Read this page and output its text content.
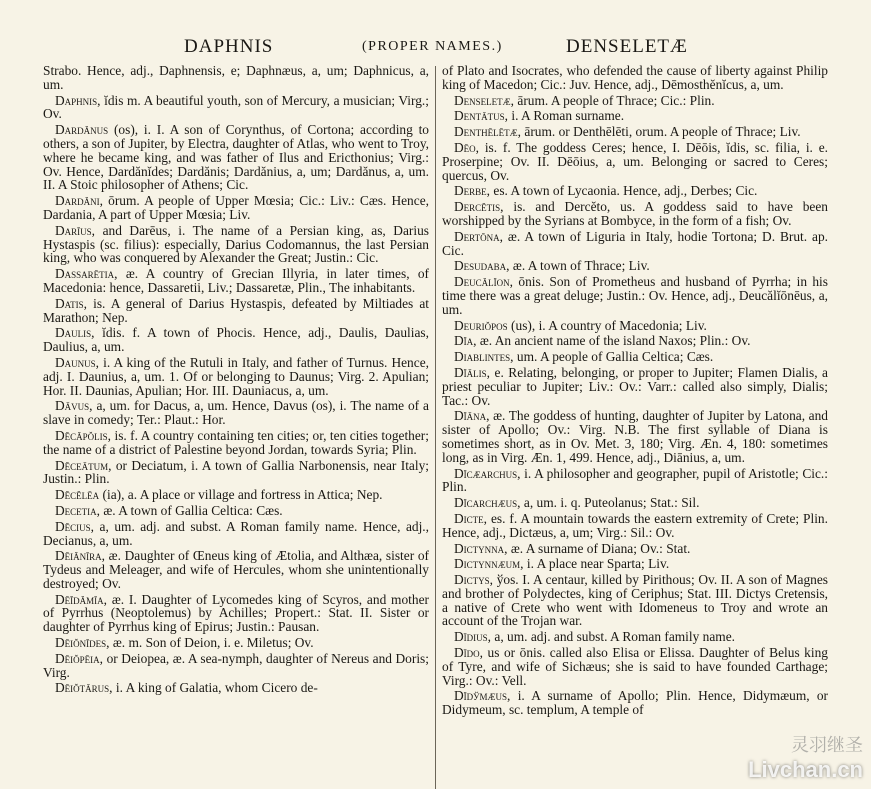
DAPHNIS	(PROPER NAMES.)	DENSELETÆ

Strabo. Hence, adj., Daphnensis, e; Daphnæus, a, um; Daphnicus, a, um.

Daphnis, ĭdis m. A beautiful youth, son of Mercury, a musician; Virg.; Ov.

Dardănus (os), i. I. A son of Corynthus, of Cortona; according to others, a son of Jupiter, by Electra, daughter of Atlas, who went to Troy, where he became king, and was father of Ilus and Ericthonius; Virg.: Ov. Hence, Dardănĭdes; Dardănis; Dardănius, a, um; Dardănus, a, um. II. A Stoic philosopher of Athens; Cic.

Dardăni, ōrum. A people of Upper Mœsia; Cic.: Liv.: Cæs. Hence, Dardania, A part of Upper Mœsia; Liv.

Darīus, and Darēus, i. The name of a Persian king, as, Darius Hystaspis (sc. filius): especially, Darius Codomannus, the last Persian king, who was conquered by Alexander the Great; Justin.: Cic.

Dassarētia, æ. A country of Grecian Illyria, in later times, of Macedonia: hence, Dassaretii, Liv.; Dassaretæ, Plin., The inhabitants.

Datis, is. A general of Darius Hystaspis, defeated by Miltiades at Marathon; Nep.

Daulis, ĭdis. f. A town of Phocis. Hence, adj., Daulis, Daulias, Daulius, a, um.

Daunus, i. A king of the Rutuli in Italy, and father of Turnus. Hence, adj. I. Daunius, a, um. 1. Of or belonging to Daunus; Virg. 2. Apulian; Hor. II. Daunias, Apulian; Hor. III. Dauniacus, a, um.

Dāvus, a, um. for Dacus, a, um. Hence, Davus (os), i. The name of a slave in comedy; Ter.: Plaut.: Hor.

Dĕcăpŏlis, is. f. A country containing ten cities; or, ten cities together; the name of a district of Palestine beyond Jordan, towards Syria; Plin.

Dĕceātum, or Deciatum, i. A town of Gallia Narbonensis, near Italy; Justin.: Plin.

Dĕcĕlēa (ia), a. A place or village and fortress in Attica; Nep.

Decetia, æ. A town of Gallia Celtica: Cæs.

Dĕcius, a, um. adj. and subst. A Roman family name. Hence, adj., Decianus, a, um.

Dēiănīra, æ. Daughter of Œneus king of Ætolia, and Althæa, sister of Tydeus and Meleager, and wife of Hercules, whom she unintentionally destroyed; Ov.

Dēĭdămīa, æ. I. Daughter of Lycomedes king of Scyros, and mother of Pyrrhus (Neoptolemus) by Achilles; Propert.: Stat. II. Sister or daughter of Pyrrhus king of Epirus; Justin.: Pausan.

Dēiŏnĭdes, æ. m. Son of Deion, i. e. Miletus; Ov.

Dēiŏpēia, or Deiopea, æ. A sea-nymph, daughter of Nereus and Doris; Virg.

Dēiŏtārus, i. A king of Galatia, whom Cicero de-

of Plato and Isocrates, who defended the cause of liberty against Philip king of Macedon; Cic.: Juv. Hence, adj., Dēmosthĕnĭcus, a, um.

Denseletæ, ārum. A people of Thrace; Cic.: Plin.

Dentātus, i. A Roman surname.

Denthēlētæ, ārum. or Denthēlēti, orum. A people of Thrace; Liv.

Dēo, is. f. The goddess Ceres; hence, I. Dēōis, ĭdis, sc. filia, i. e. Proserpine; Ov. II. Dēōius, a, um. Belonging or sacred to Ceres; quercus, Ov.

Derbe, es. A town of Lycaonia. Hence, adj., Derbes; Cic.

Dercĕtis, is. and Dercĕto, us. A goddess said to have been worshipped by the Syrians at Bombyce, in the form of a fish; Ov.

Dertōna, æ. A town of Liguria in Italy, hodie Tortona; D. Brut. ap. Cic.

Desudaba, æ. A town of Thrace; Liv.

Deucălĭon, ōnis. Son of Prometheus and husband of Pyrrha; in his time there was a great deluge; Justin.: Ov. Hence, adj., Deucălĭōnēus, a, um.

Deuriŏpos (us), i. A country of Macedonia; Liv.

Dĭa, æ. An ancient name of the island Naxos; Plin.: Ov.

Diablintes, um. A people of Gallia Celtica; Cæs.

Dĭālis, e. Relating, belonging, or proper to Jupiter; Flamen Dialis, a priest peculiar to Jupiter; Liv.: Ov.: Varr.: called also simply, Dialis; Tac.: Ov.

Dĭāna, æ. The goddess of hunting, daughter of Jupiter by Latona, and sister of Apollo; Ov.: Virg. N.B. The first syllable of Diana is sometimes short, as in Ov. Met. 3, 180; Virg. Æn. 4, 180: sometimes long, as in Virg. Æn. 1, 499. Hence, adj., Diānius, a, um.

Dĭcæarchus, i. A philosopher and geographer, pupil of Aristotle; Cic.: Plin.

Dĭcarchæus, a, um. i. q. Puteolanus; Stat.: Sil.

Dicte, es. f. A mountain towards the eastern extremity of Crete; Plin. Hence, adj., Dictæus, a, um; Virg.: Sil.: Ov.

Dictynna, æ. A surname of Diana; Ov.: Stat.

Dictynnæum, i. A place near Sparta; Liv.

Dictys, ўos. I. A centaur, killed by Pirithous; Ov. II. A son of Magnes and brother of Polydectes, king of Ceriphus; Stat. III. Dictys Cretensis, a native of Crete who went with Idomeneus to Troy and wrote an account of the Trojan war.

Dīdius, a, um. adj. and subst. A Roman family name.

Dīdo, us or ōnis. called also Elisa or Elissa. Daughter of Belus king of Tyre, and wife of Sichæus; she is said to have founded Carthage; Virg.: Ov.: Vell.

Dĭdўmæus, i. A surname of Apollo; Plin. Hence, Didymæum, or Didymeum, sc. templum, A temple of

灵羽继圣
Livchan.cn
